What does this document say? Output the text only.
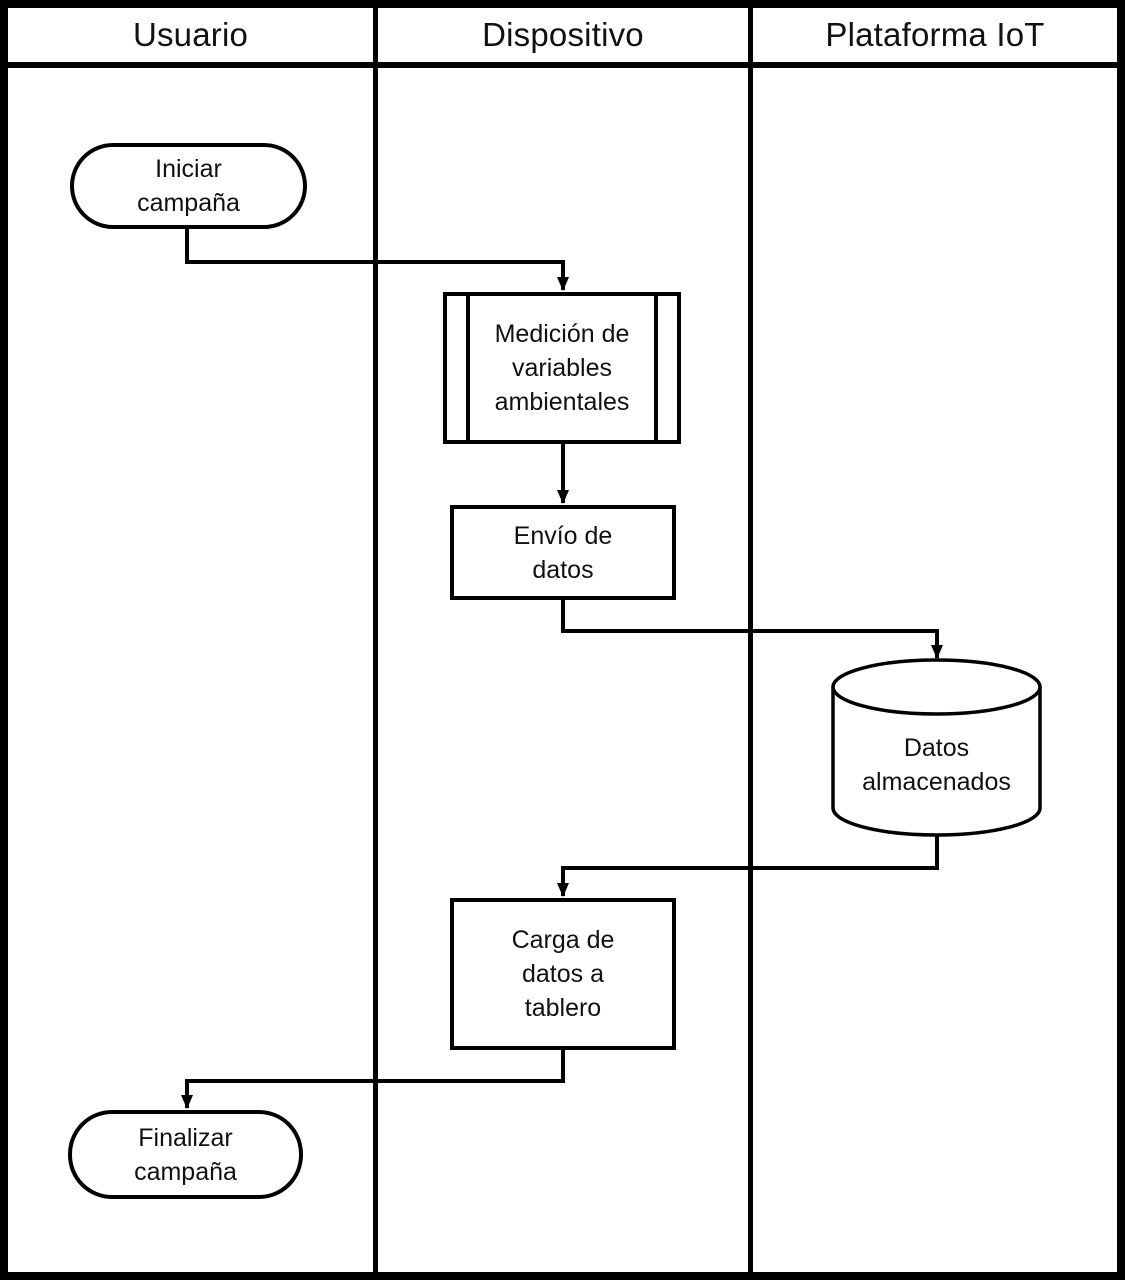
Usuario	Dispositivo	Plataforma IoT
Iniciar
campaña
Medición de
variables
ambientales
Envío de
datos
Datos
almacenados
Carga de
datos a
tablero
Finalizar
campaña
